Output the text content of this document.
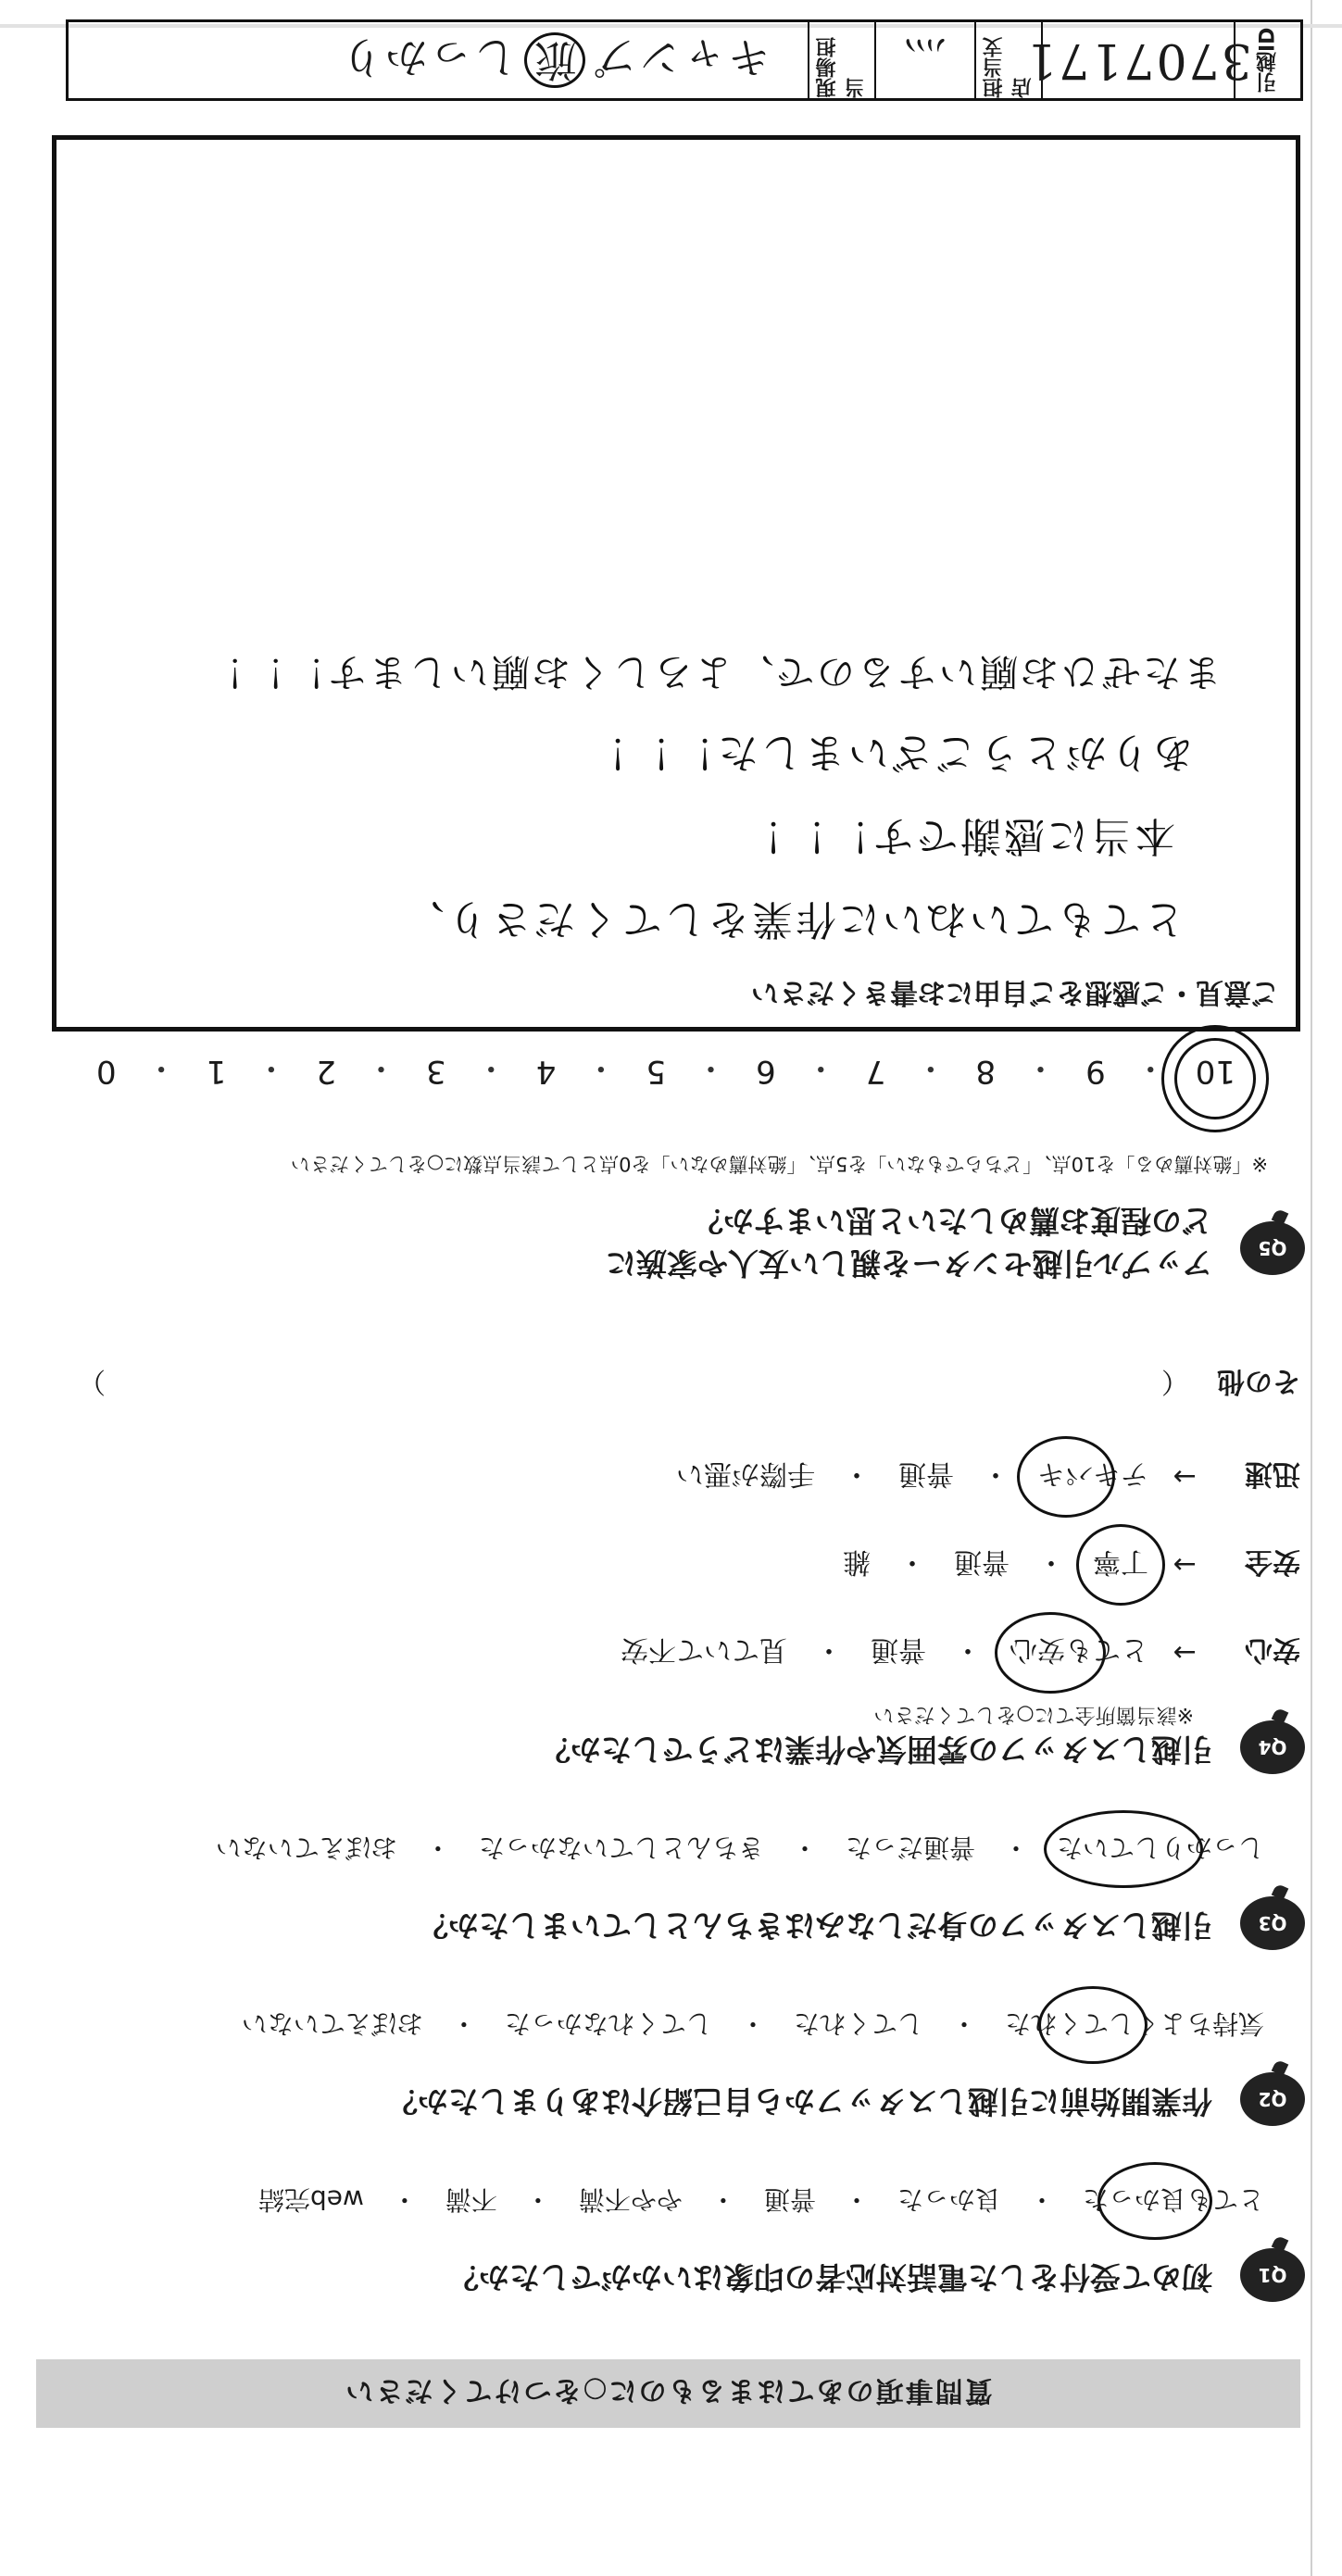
質問事項のあてはまるものに○をつけてください
Q1
初めて受付をした電話対応者の印象はいかがでしたか？
とても良かった
・
良かった
・
普通
・
やや不満
・
不満
・
web完結
Q2
作業開始前に引越しスタッフから自己紹介はありましたか？
気持ちよくしてくれた
・
してくれた
・
してくれなかった
・
おぼえていない
Q3
引越しスタッフの身だしなみはきちんとしていましたか？
しっかりしていた
・
普通だった
・
きちんとしていなかった
・
おぼえていない
Q4
引越しスタッフの雰囲気や作業はどうでしたか？
※該当箇所全てに○をしてください
安心
→
とても安心
・
普通
・
見ていて不安
安全
→
丁寧
・
普通
・
雑
迅速
→
テキパキ
・
普通
・
手際が悪い
その他
（
）
Q5
アップル引越センターを親しい友人や家族に
どの程度お薦めしたいと思いますか？
※「絶対薦める」を10点、「どちらでもない」を5点、「絶対薦めない」を0点として該当点数に○をしてください
10
・
9
・
8
・
7
・
6
・
5
・
4
・
3
・
2
・
1
・
0
ご意見・ご感想をご自由にお書きください
とてもていねいに作業をしてくださり、
本当に感謝です！！！
ありがとうございました！！！
またぜひお願いするので、よろしくお願いします！！！
引越ID
3707171
担当支店
⺣
現場担当
キャンプ
旅
しっかり
